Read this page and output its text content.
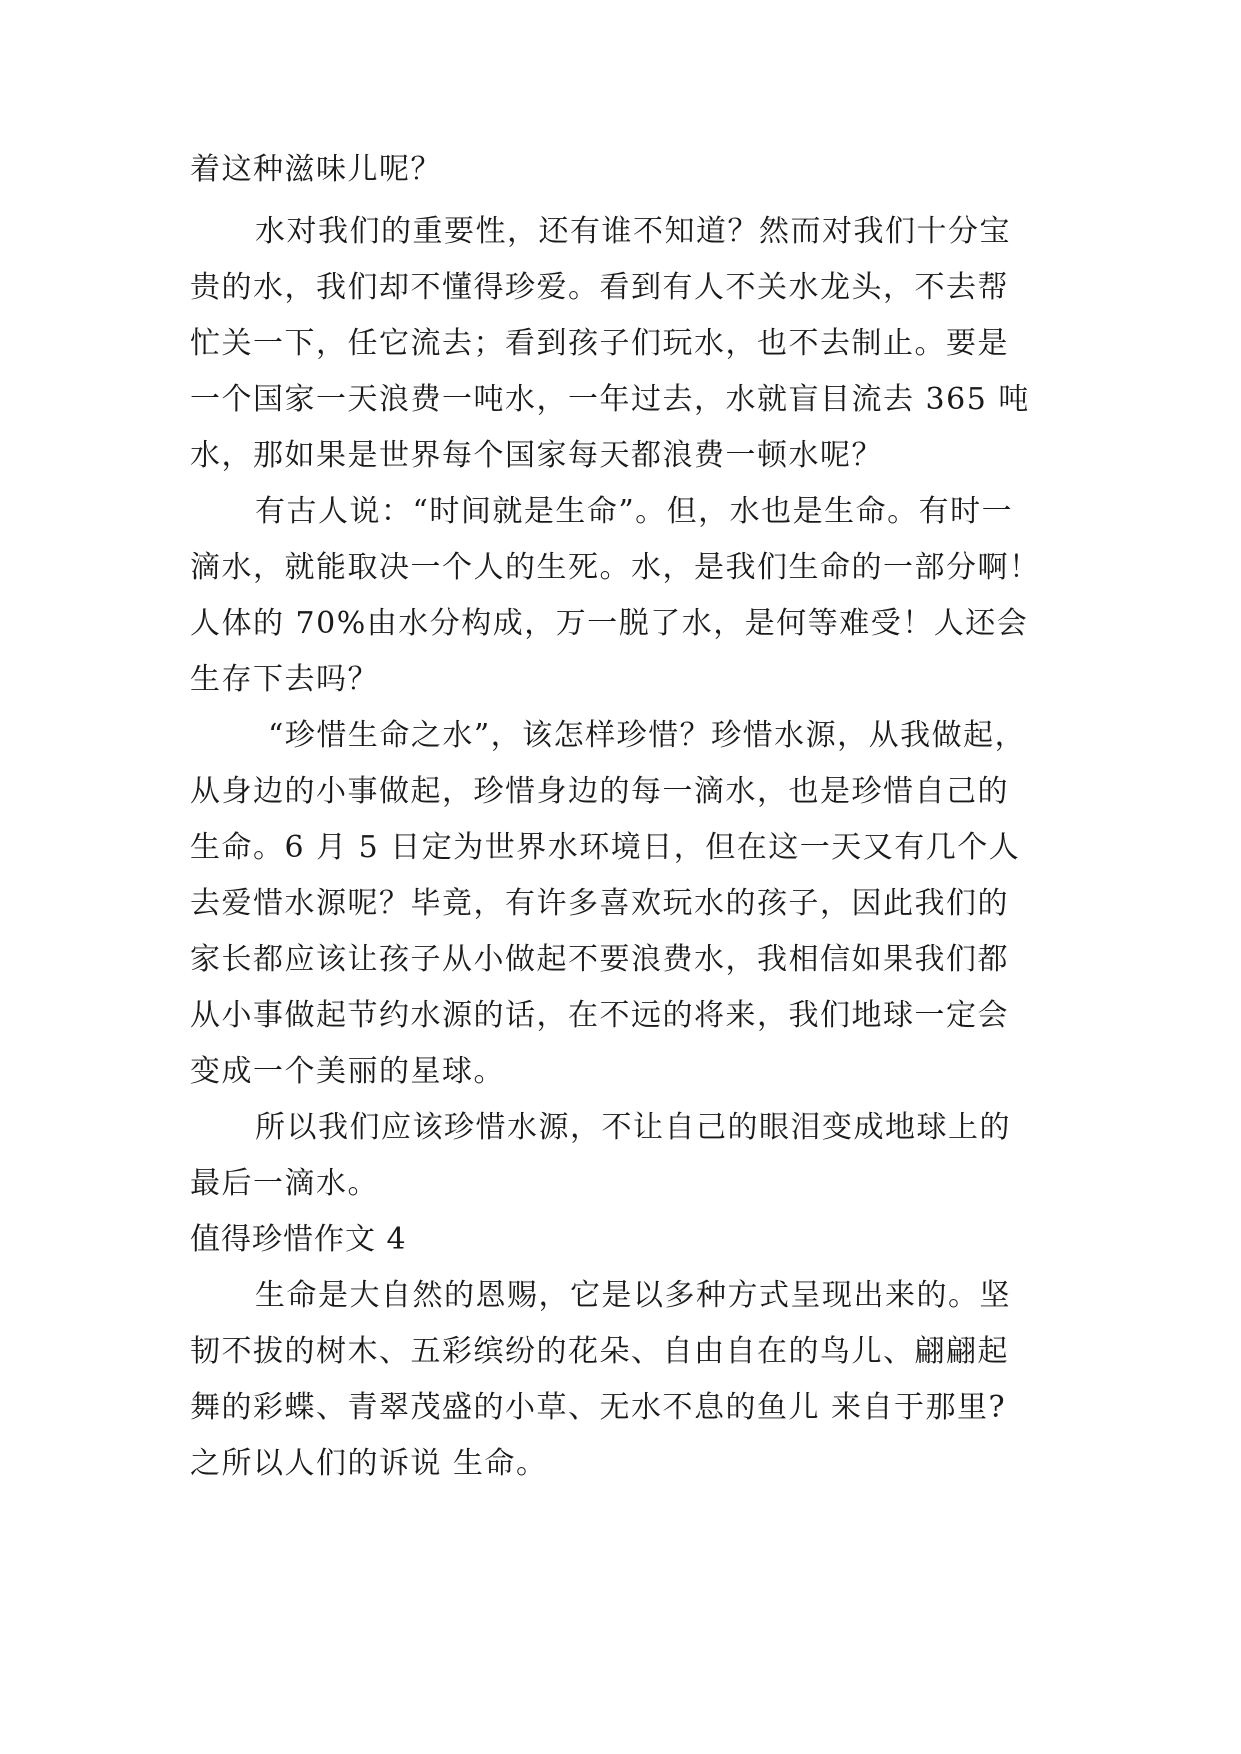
着这种滋味儿呢？
水对我们的重要性，还有谁不知道？然而对我们十分宝
贵的水，我们却不懂得珍爱。看到有人不关水龙头，不去帮
忙关一下，任它流去；看到孩子们玩水，也不去制止。要是
一个国家一天浪费一吨水，一年过去，水就盲目流去 365 吨
水，那如果是世界每个国家每天都浪费一顿水呢？
有古人说：“时间就是生命”。但，水也是生命。有时一
滴水，就能取决一个人的生死。水，是我们生命的一部分啊！
人体的 70%由水分构成，万一脱了水，是何等难受！人还会
生存下去吗？
“珍惜生命之水”，该怎样珍惜？珍惜水源，从我做起，
从身边的小事做起，珍惜身边的每一滴水，也是珍惜自己的
生命。6 月 5 日定为世界水环境日，但在这一天又有几个人
去爱惜水源呢？毕竟，有许多喜欢玩水的孩子，因此我们的
家长都应该让孩子从小做起不要浪费水，我相信如果我们都
从小事做起节约水源的话，在不远的将来，我们地球一定会
变成一个美丽的星球。
所以我们应该珍惜水源，不让自己的眼泪变成地球上的
最后一滴水。
值得珍惜作文 4
生命是大自然的恩赐，它是以多种方式呈现出来的。坚
韧不拔的树木、五彩缤纷的花朵、自由自在的鸟儿、翩翩起
舞的彩蝶、青翠茂盛的小草、无水不息的鱼儿 来自于那里?
之所以人们的诉说 生命。
